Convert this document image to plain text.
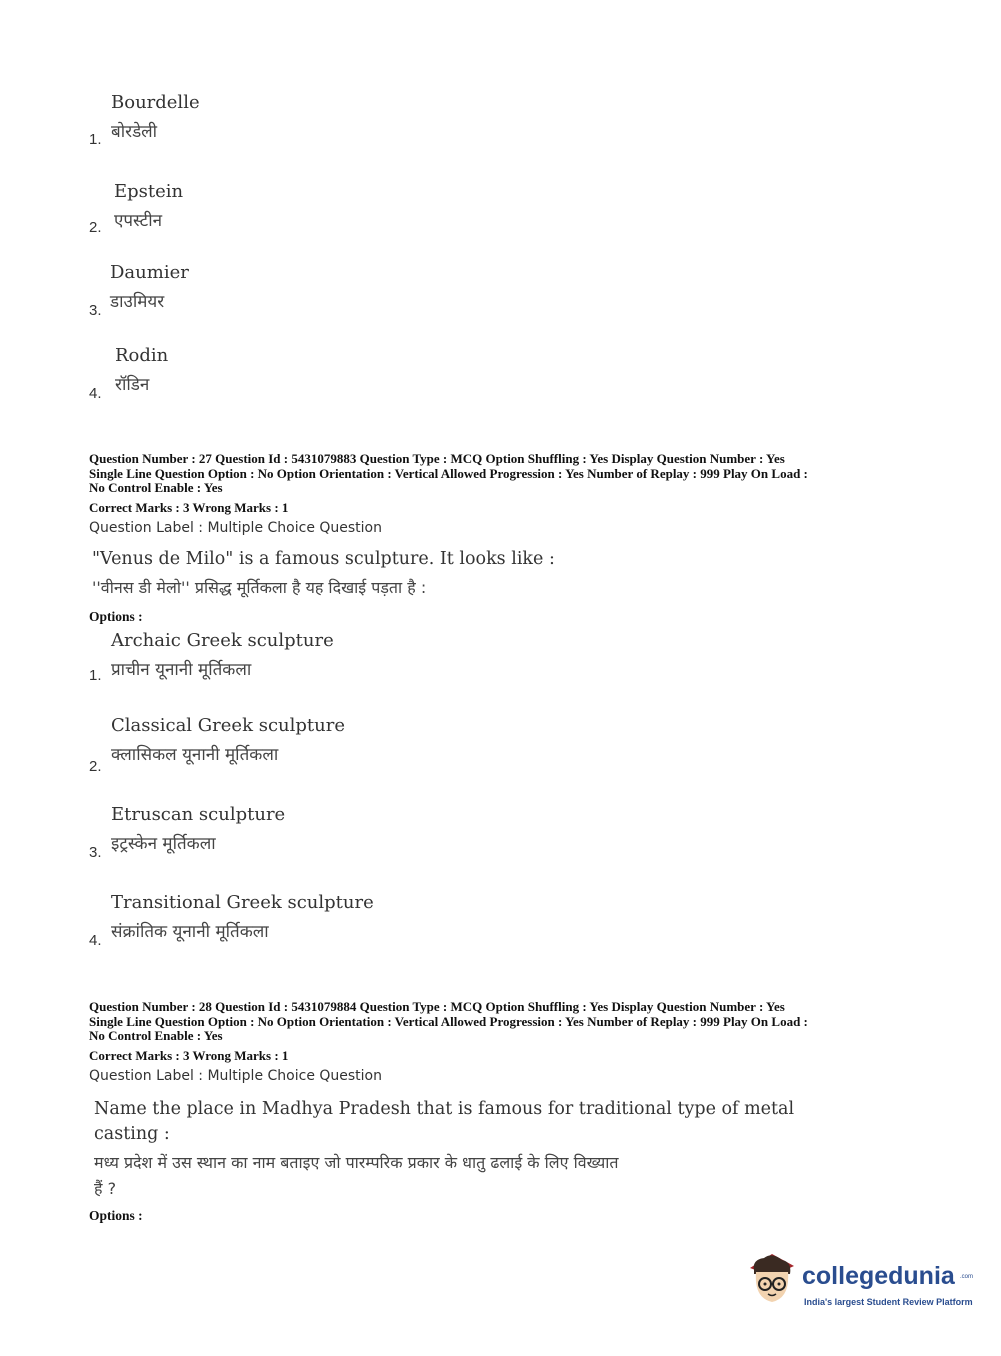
Bourdelle
बोरडेली
1.
Epstein
एपस्टीन
2.
Daumier
डाउमियर
3.
Rodin
रॉडिन
4.
Question Number : 27 Question Id : 5431079883 Question Type : MCQ Option Shuffling : Yes Display Question Number : Yes
Single Line Question Option : No Option Orientation : Vertical Allowed Progression : Yes Number of Replay : 999 Play On Load :
No Control Enable : Yes
Correct Marks : 3 Wrong Marks : 1
Question Label : Multiple Choice Question
"Venus de Milo" is a famous sculpture. It looks like :
''वीनस डी मेलो'' प्रसिद्ध मूर्तिकला है यह दिखाई पड़ता है :
Options :
Archaic Greek sculpture
प्राचीन यूनानी मूर्तिकला
1.
Classical Greek sculpture
क्लासिकल यूनानी मूर्तिकला
2.
Etruscan sculpture
इट्रस्केन मूर्तिकला
3.
Transitional Greek sculpture
संक्रांतिक यूनानी मूर्तिकला
4.
Question Number : 28 Question Id : 5431079884 Question Type : MCQ Option Shuffling : Yes Display Question Number : Yes
Single Line Question Option : No Option Orientation : Vertical Allowed Progression : Yes Number of Replay : 999 Play On Load :
No Control Enable : Yes
Correct Marks : 3 Wrong Marks : 1
Question Label : Multiple Choice Question
Name the place in Madhya Pradesh that is famous for traditional type of metal
casting :
मध्य प्रदेश में उस स्थान का नाम बताइए जो पारम्परिक प्रकार के धातु ढलाई के लिए विख्यात
हैं ?
Options :
collegedunia .com
India's largest Student Review Platform
